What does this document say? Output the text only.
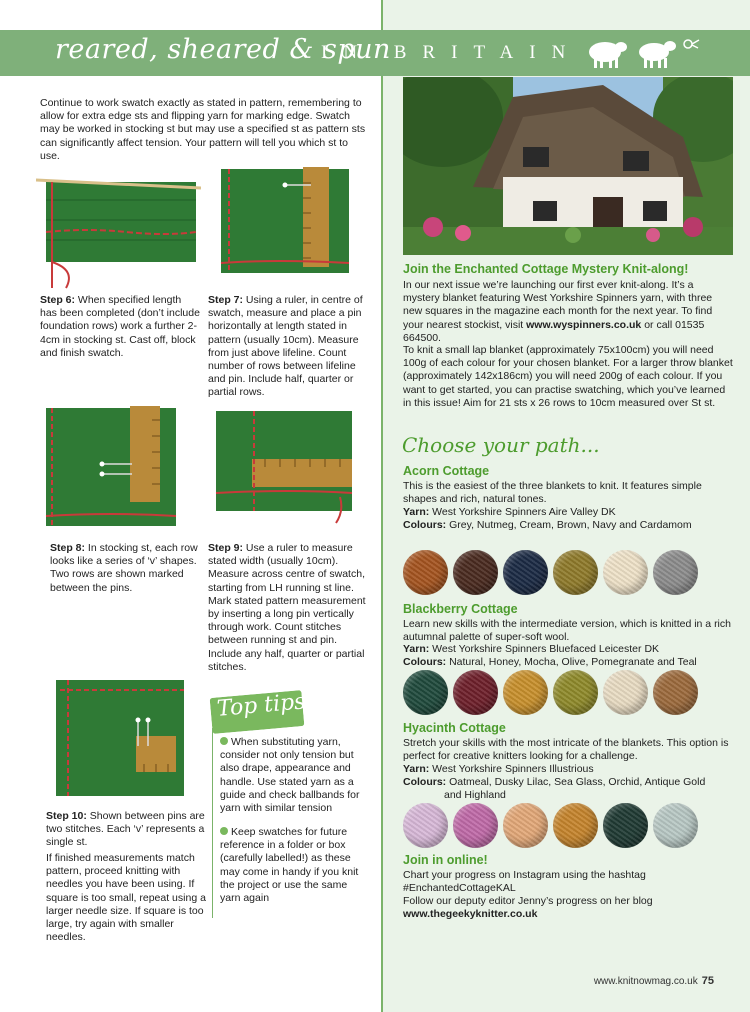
reared, sheared & spun
IN BRITAIN

Continue to work swatch exactly as stated in pattern, remembering to allow for extra edge sts and flipping yarn for marking edge. Swatch may be worked in stocking st but may use a specified st as pattern sts can significantly affect tension. Your pattern will tell you which st to use.

Step 6: When specified length has been completed (don’t include foundation rows) work a further 2-4cm in stocking st. Cast off, block and finish swatch.

Step 7: Using a ruler, in centre of swatch, measure and place a pin horizontally at length stated in pattern (usually 10cm). Measure from just above lifeline. Count number of rows between lifeline and pin. Include half, quarter or partial rows.

Step 8: In stocking st, each row looks like a series of ‘v’ shapes. Two rows are shown marked between the pins.

Step 9: Use a ruler to measure stated width (usually 10cm). Measure across centre of swatch, starting from LH running st line. Mark stated pattern measurement by inserting a long pin vertically through work. Count stitches between running st and pin. Include any half, quarter or partial stitches.

Step 10: Shown between pins are two stitches. Each ‘v’ represents a single st.

If finished measurements match pattern, proceed knitting with needles you have been using. If square is too small, repeat using a larger needle size. If square is too large, try again with smaller needles.

Top tips

When substituting yarn, consider not only tension but also drape, appearance and handle. Use stated yarn as a guide and check ballbands for yarn with similar tension

Keep swatches for future reference in a folder or box (carefully labelled!) as these may come in handy if you knit the project or use the same yarn again

Join the Enchanted Cottage Mystery Knit-along!

In our next issue we’re launching our first ever knit-along. It’s a mystery blanket featuring West Yorkshire Spinners yarn, with three new squares in the magazine each month for the next year. To find your nearest stockist, visit www.wyspinners.co.uk or call 01535 664500.

To knit a small lap blanket (approximately 75x100cm) you will need 100g of each colour for your chosen blanket. For a larger throw blanket (approximately 142x186cm) you will need 200g of each colour. If you want to get started, you can practise swatching, which you’ve learned in this issue! Aim for 21 sts x 26 rows to 10cm measured over St st.

Choose your path...
Acorn Cottage

This is the easiest of the three blankets to knit. It features simple shapes and rich, natural tones.

Yarn: West Yorkshire Spinners Aire Valley DK

Colours: Grey, Nutmeg, Cream, Brown, Navy and Cardamom

Blackberry Cottage

Learn new skills with the intermediate version, which is knitted in a rich autumnal palette of super-soft wool.

Yarn: West Yorkshire Spinners Bluefaced Leicester DK

Colours: Natural, Honey, Mocha, Olive, Pomegranate and Teal

Hyacinth Cottage

Stretch your skills with the most intricate of the blankets. This option is perfect for creative knitters looking for a challenge.

Yarn: West Yorkshire Spinners Illustrious

Colours: Oatmeal, Dusky Lilac, Sea Glass, Orchid, Antique Gold

and Highland

Join in online!

Chart your progress on Instagram using the hashtag

#EnchantedCottageKAL

Follow our deputy editor Jenny’s progress on her blog

www.thegeekyknitter.co.uk

www.knitnowmag.co.uk 75
